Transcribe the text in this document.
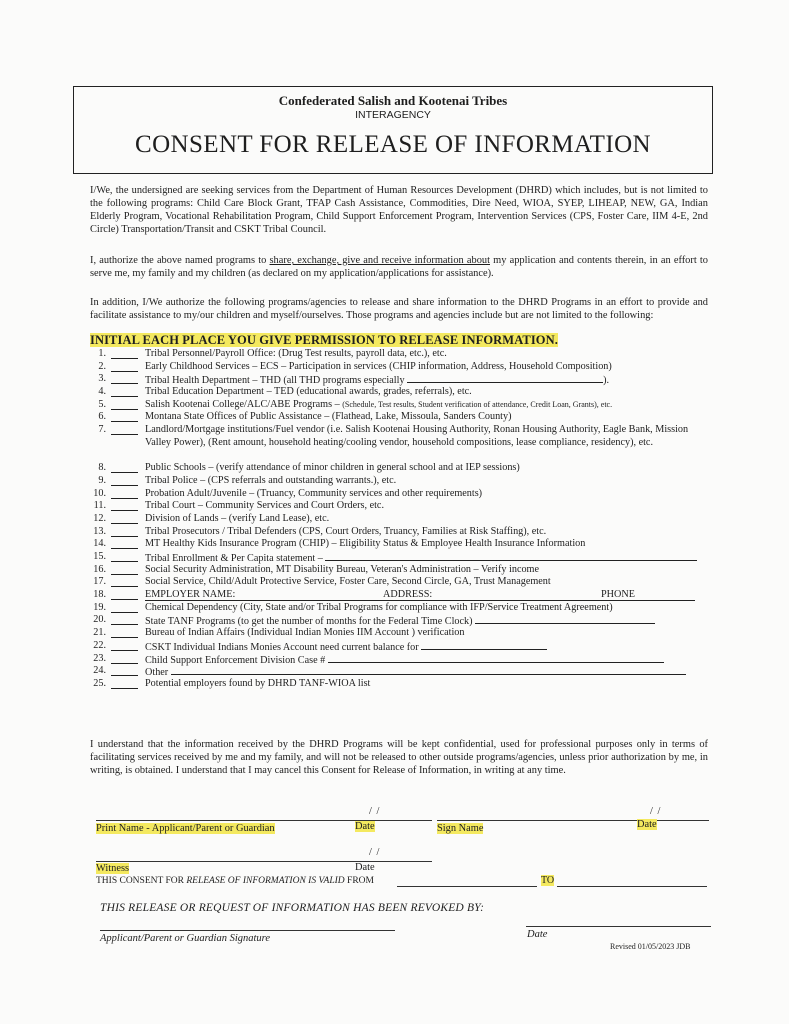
Confederated Salish and Kootenai Tribes
INTERAGENCY
CONSENT FOR RELEASE OF INFORMATION
I/We, the undersigned are seeking services from the Department of Human Resources Development (DHRD) which includes, but is not limited to the following programs: Child Care Block Grant, TFAP Cash Assistance, Commodities, Dire Need, WIOA, SYEP, LIHEAP, NEW, GA, Indian Elderly Program, Vocational Rehabilitation Program, Child Support Enforcement Program, Intervention Services (CPS, Foster Care, IIM 4-E, 2nd Circle) Transportation/Transit and CSKT Tribal Council.
I, authorize the above named programs to share, exchange, give and receive information about my application and contents therein, in an effort to serve me, my family and my children (as declared on my application/applications for assistance).
In addition, I/We authorize the following programs/agencies to release and share information to the DHRD Programs in an effort to provide and facilitate assistance to my/our children and myself/ourselves. Those programs and agencies include but are not limited to the following:
INITIAL EACH PLACE YOU GIVE PERMISSION TO RELEASE INFORMATION.
1.	Tribal Personnel/Payroll Office: (Drug Test results, payroll data, etc.), etc.
2.	Early Childhood Services – ECS – Participation in services (CHIP information, Address, Household Composition)
3.	Tribal Health Department – THD (all THD programs especially	).
4.	Tribal Education Department – TED (educational awards, grades, referrals), etc.
5.	Salish Kootenai College/ALC/ABE Programs – (Schedule, Test results, Student verification of attendance, Credit Loan, Grants), etc.
6.	Montana State Offices of Public Assistance – (Flathead, Lake, Missoula, Sanders County)
7.	Landlord/Mortgage institutions/Fuel vendor (i.e. Salish Kootenai Housing Authority, Ronan Housing Authority, Eagle Bank, Mission Valley Power), (Rent amount, household heating/cooling vendor, household compositions, lease compliance, residency), etc.
8.	Public Schools – (verify attendance of minor children in general school and at IEP sessions)
9.	Tribal Police – (CPS referrals and outstanding warrants.), etc.
10.	Probation Adult/Juvenile – (Truancy, Community services and other requirements)
11.	Tribal Court – Community Services and Court Orders, etc.
12.	Division of Lands – (verify Land Lease), etc.
13.	Tribal Prosecutors / Tribal Defenders (CPS, Court Orders, Truancy, Families at Risk Staffing), etc.
14.	MT Healthy Kids Insurance Program (CHIP) – Eligibility Status & Employee Health Insurance Information
15.	Tribal Enrollment & Per Capita statement –
16.	Social Security Administration, MT Disability Bureau, Veteran's Administration – Verify income
17.	Social Service, Child/Adult Protective Service, Foster Care, Second Circle, GA, Trust Management
18.	EMPLOYER NAME:	ADDRESS:	PHONE
19.	Chemical Dependency (City, State and/or Tribal Programs for compliance with IFP/Service Treatment Agreement)
20.	State TANF Programs (to get the number of months for the Federal Time Clock)
21.	Bureau of Indian Affairs (Individual Indian Monies IIM Account ) verification
22.	CSKT Individual Indians Monies Account need current balance for
23.	Child Support Enforcement Division Case #
24.	Other
25.	Potential employers found by DHRD TANF-WIOA list
I understand that the information received by the DHRD Programs will be kept confidential, used for professional purposes only in terms of facilitating services received by me and my family, and will not be released to other outside programs/agencies, unless prior authorization by me, in writing, is obtained. I understand that I may cancel this Consent for Release of Information, in writing at any time.
/ /	/ /
Print Name - Applicant/Parent or Guardian	Date	Sign Name	Date
/ /
Witness	Date
THIS CONSENT FOR RELEASE OF INFORMATION IS VALID FROM	TO
THIS RELEASE OR REQUEST OF INFORMATION HAS BEEN REVOKED BY:
Applicant/Parent or Guardian Signature	Date
Revised 01/05/2023 JDB
